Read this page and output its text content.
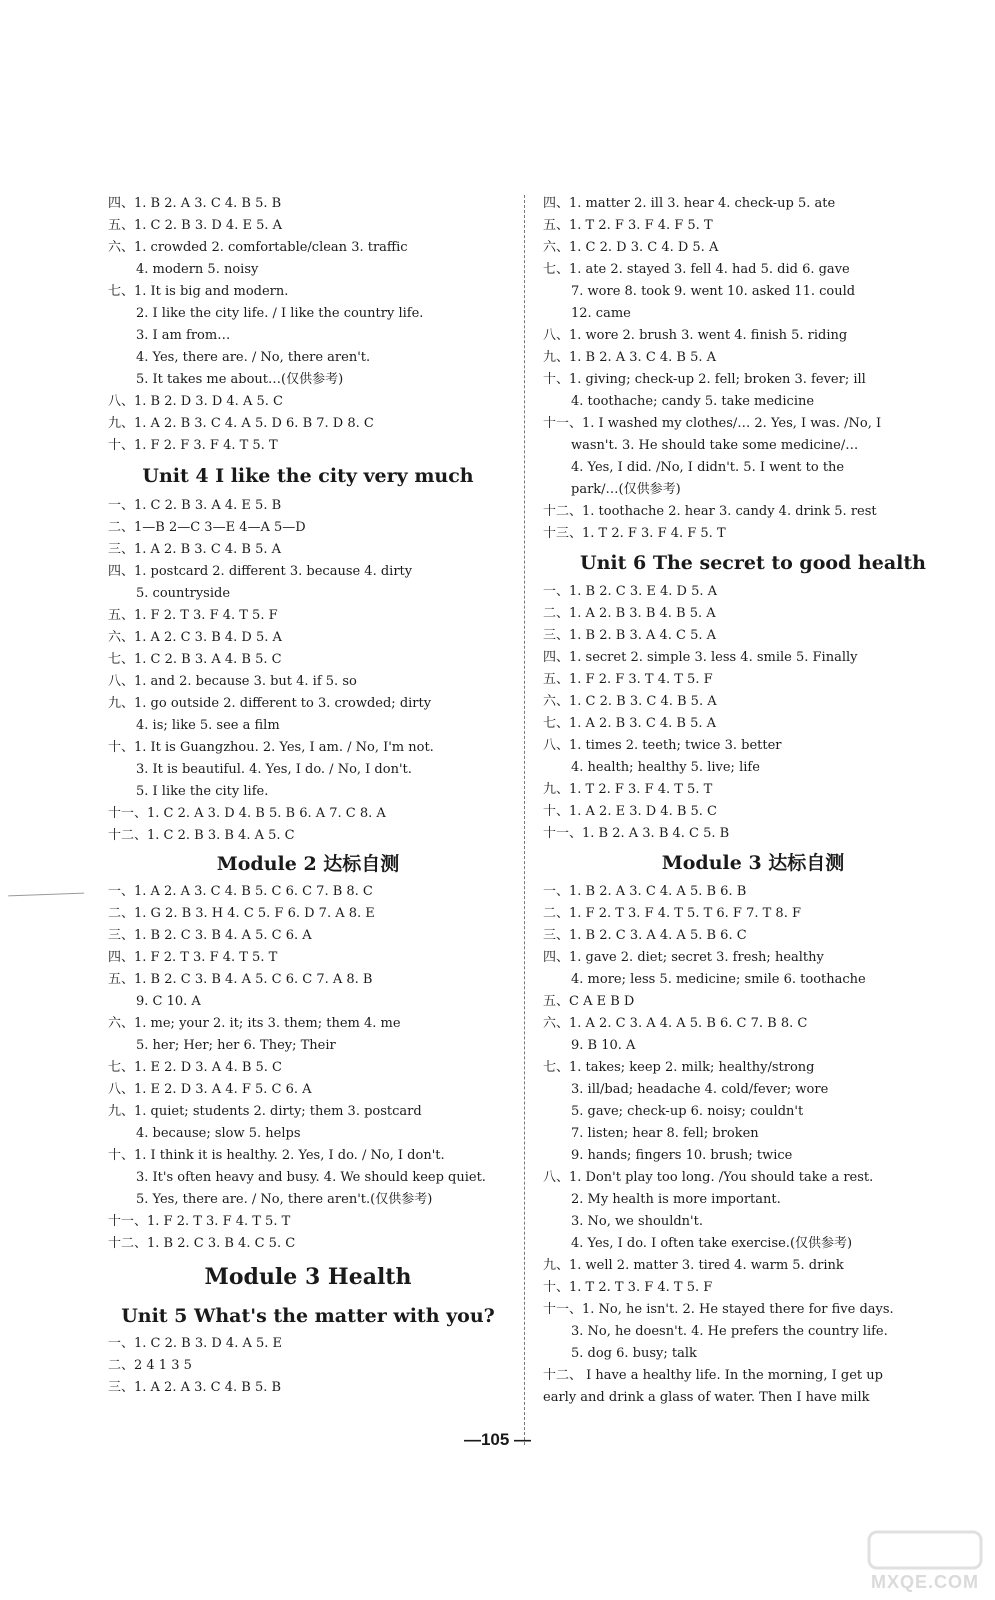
四、1. B 2. A 3. C 4. B 5. B
五、1. C 2. B 3. D 4. E 5. A
六、1. crowded 2. comfortable/clean 3. traffic
4. modern 5. noisy
七、1. It is big and modern.
2. I like the city life. / I like the country life.
3. I am from…
4. Yes, there are. / No, there aren't.
5. It takes me about…(仅供参考)
八、1. B 2. D 3. D 4. A 5. C
九、1. A 2. B 3. C 4. A 5. D 6. B 7. D 8. C
十、1. F 2. F 3. F 4. T 5. T
Unit 4 I like the city very much
一、1. C 2. B 3. A 4. E 5. B
二、1—B 2—C 3—E 4—A 5—D
三、1. A 2. B 3. C 4. B 5. A
四、1. postcard 2. different 3. because 4. dirty
5. countryside
五、1. F 2. T 3. F 4. T 5. F
六、1. A 2. C 3. B 4. D 5. A
七、1. C 2. B 3. A 4. B 5. C
八、1. and 2. because 3. but 4. if 5. so
九、1. go outside 2. different to 3. crowded; dirty
4. is; like 5. see a film
十、1. It is Guangzhou. 2. Yes, I am. / No, I'm not.
3. It is beautiful. 4. Yes, I do. / No, I don't.
5. I like the city life.
十一、1. C 2. A 3. D 4. B 5. B 6. A 7. C 8. A
十二、1. C 2. B 3. B 4. A 5. C
Module 2 达标自测
一、1. A 2. A 3. C 4. B 5. C 6. C 7. B 8. C
二、1. G 2. B 3. H 4. C 5. F 6. D 7. A 8. E
三、1. B 2. C 3. B 4. A 5. C 6. A
四、1. F 2. T 3. F 4. T 5. T
五、1. B 2. C 3. B 4. A 5. C 6. C 7. A 8. B
9. C 10. A
六、1. me; your 2. it; its 3. them; them 4. me
5. her; Her; her 6. They; Their
七、1. E 2. D 3. A 4. B 5. C
八、1. E 2. D 3. A 4. F 5. C 6. A
九、1. quiet; students 2. dirty; them 3. postcard
4. because; slow 5. helps
十、1. I think it is healthy. 2. Yes, I do. / No, I don't.
3. It's often heavy and busy. 4. We should keep quiet.
5. Yes, there are. / No, there aren't.(仅供参考)
十一、1. F 2. T 3. F 4. T 5. T
十二、1. B 2. C 3. B 4. C 5. C
Module 3 Health
Unit 5 What's the matter with you?
一、1. C 2. B 3. D 4. A 5. E
二、2 4 1 3 5
三、1. A 2. A 3. C 4. B 5. B
四、1. matter 2. ill 3. hear 4. check-up 5. ate
五、1. T 2. F 3. F 4. F 5. T
六、1. C 2. D 3. C 4. D 5. A
七、1. ate 2. stayed 3. fell 4. had 5. did 6. gave
7. wore 8. took 9. went 10. asked 11. could
12. came
八、1. wore 2. brush 3. went 4. finish 5. riding
九、1. B 2. A 3. C 4. B 5. A
十、1. giving; check-up 2. fell; broken 3. fever; ill
4. toothache; candy 5. take medicine
十一、1. I washed my clothes/… 2. Yes, I was. /No, I
wasn't. 3. He should take some medicine/…
4. Yes, I did. /No, I didn't. 5. I went to the
park/…(仅供参考)
十二、1. toothache 2. hear 3. candy 4. drink 5. rest
十三、1. T 2. F 3. F 4. F 5. T
Unit 6 The secret to good health
一、1. B 2. C 3. E 4. D 5. A
二、1. A 2. B 3. B 4. B 5. A
三、1. B 2. B 3. A 4. C 5. A
四、1. secret 2. simple 3. less 4. smile 5. Finally
五、1. F 2. F 3. T 4. T 5. F
六、1. C 2. B 3. C 4. B 5. A
七、1. A 2. B 3. C 4. B 5. A
八、1. times 2. teeth; twice 3. better
4. health; healthy 5. live; life
九、1. T 2. F 3. F 4. T 5. T
十、1. A 2. E 3. D 4. B 5. C
十一、1. B 2. A 3. B 4. C 5. B
Module 3 达标自测
一、1. B 2. A 3. C 4. A 5. B 6. B
二、1. F 2. T 3. F 4. T 5. T 6. F 7. T 8. F
三、1. B 2. C 3. A 4. A 5. B 6. C
四、1. gave 2. diet; secret 3. fresh; healthy
4. more; less 5. medicine; smile 6. toothache
五、C A E B D
六、1. A 2. C 3. A 4. A 5. B 6. C 7. B 8. C
9. B 10. A
七、1. takes; keep 2. milk; healthy/strong
3. ill/bad; headache 4. cold/fever; wore
5. gave; check-up 6. noisy; couldn't
7. listen; hear 8. fell; broken
9. hands; fingers 10. brush; twice
八、1. Don't play too long. /You should take a rest.
2. My health is more important.
3. No, we shouldn't.
4. Yes, I do. I often take exercise.(仅供参考)
九、1. well 2. matter 3. tired 4. warm 5. drink
十、1. T 2. T 3. F 4. T 5. F
十一、1. No, he isn't. 2. He stayed there for five days.
3. No, he doesn't. 4. He prefers the country life.
5. dog 6. busy; talk
十二、 I have a healthy life. In the morning, I get up
early and drink a glass of water. Then I have milk
—105 —
MXQE.COM
